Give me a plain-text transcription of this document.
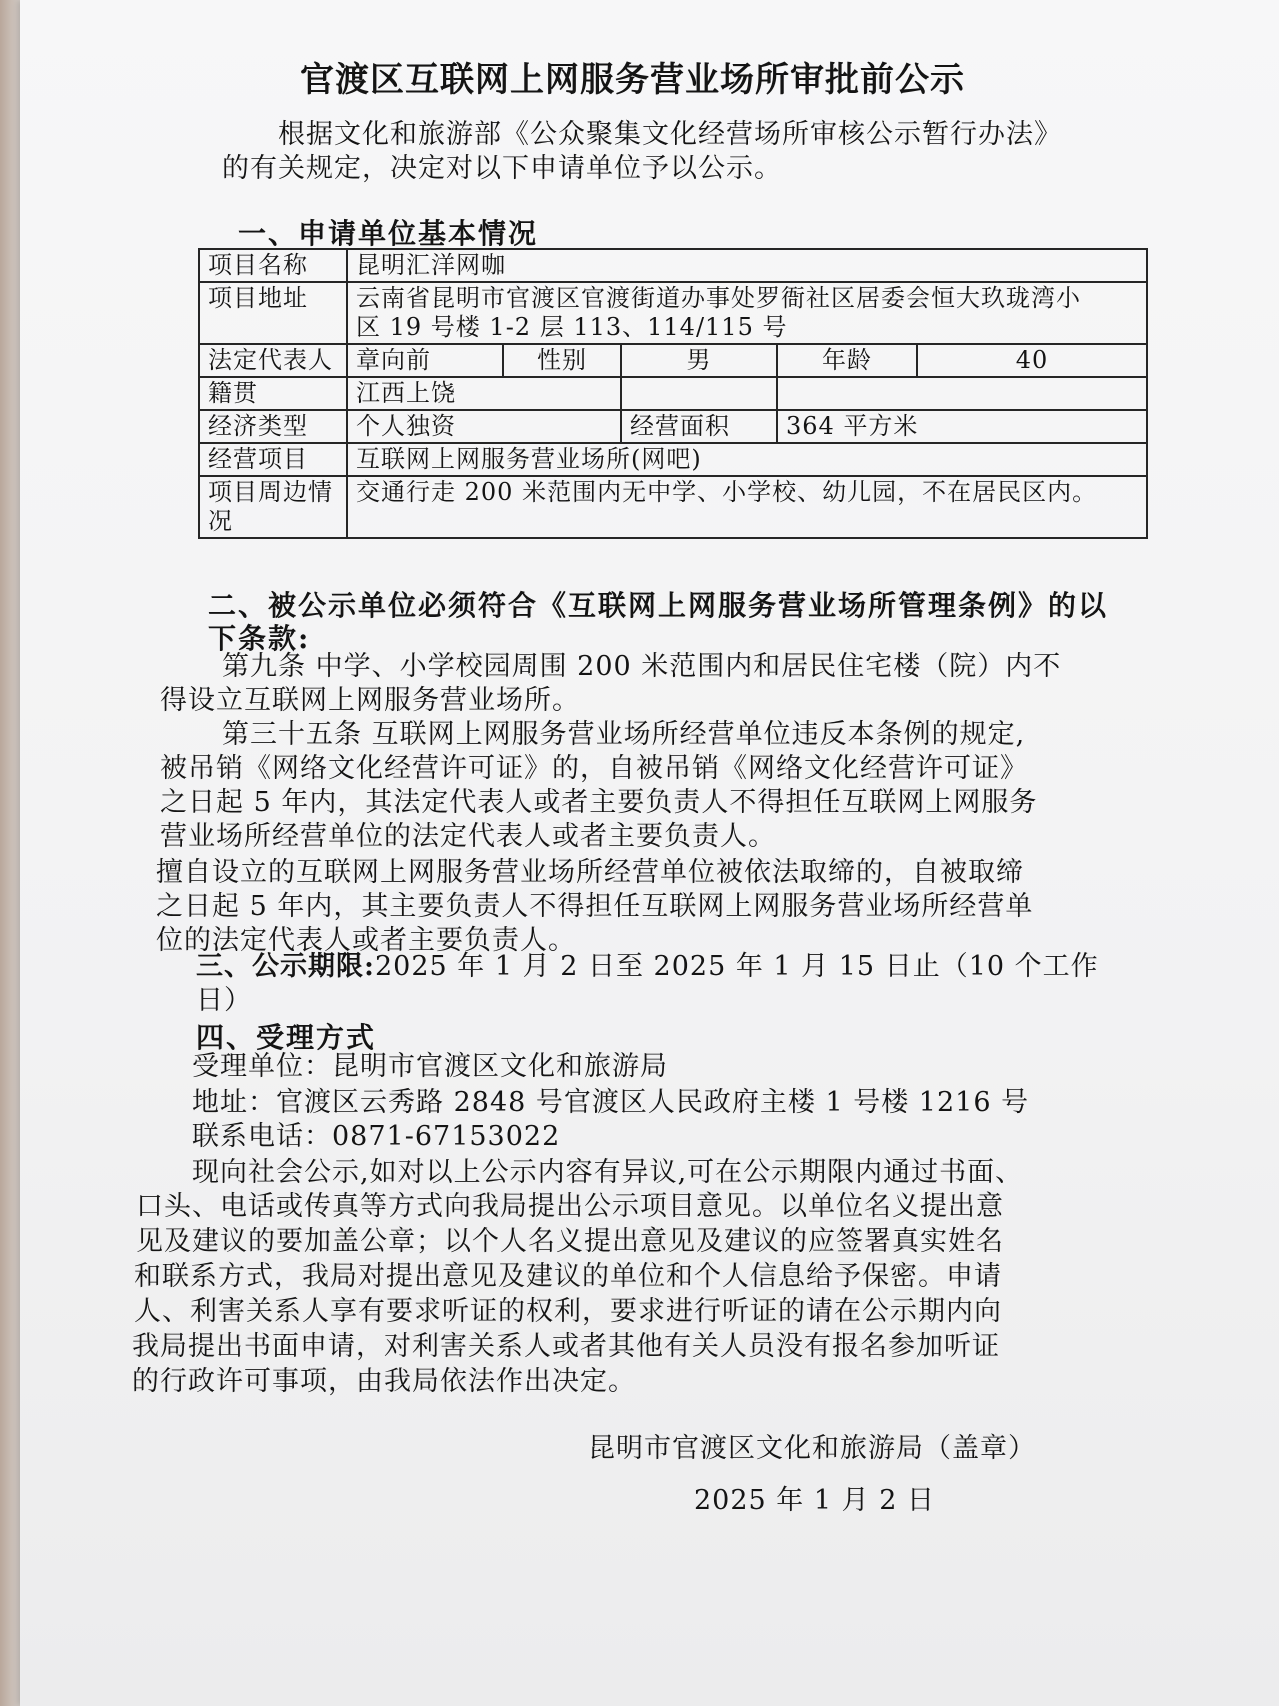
官渡区互联网上网服务营业场所审批前公示
根据文化和旅游部《公众聚集文化经营场所审核公示暂行办法》
的有关规定，决定对以下申请单位予以公示。
一、申请单位基本情况
项目名称	昆明汇洋网咖				
项目地址	云南省昆明市官渡区官渡街道办事处罗衙社区居委会恒大玖珑湾小
区 19 号楼 1-2 层 113、114/115 号				

法定代表人	章向前	性别	男	年龄	40
籍贯	江西上饶				
经济类型	个人独资		经营面积	364 平方米	
经营项目	互联网上网服务营业场所(网吧)				

项目周边情
况	交通行走 200 米范围内无中学、小学校、幼儿园，不在居民区内。				
二、被公示单位必须符合《互联网上网服务营业场所管理条例》的以
下条款:
第九条 中学、小学校园周围 200 米范围内和居民住宅楼（院）内不
得设立互联网上网服务营业场所。
第三十五条 互联网上网服务营业场所经营单位违反本条例的规定,
被吊销《网络文化经营许可证》的，自被吊销《网络文化经营许可证》
之日起 5 年内，其法定代表人或者主要负责人不得担任互联网上网服务
营业场所经营单位的法定代表人或者主要负责人。
擅自设立的互联网上网服务营业场所经营单位被依法取缔的，自被取缔
之日起 5 年内，其主要负责人不得担任互联网上网服务营业场所经营单
位的法定代表人或者主要负责人。
三、公示期限:2025 年 1 月 2 日至 2025 年 1 月 15 日止（10 个工作
日）
四、受理方式
受理单位：昆明市官渡区文化和旅游局
地址：官渡区云秀路 2848 号官渡区人民政府主楼 1 号楼 1216 号
联系电话：0871-67153022
现向社会公示,如对以上公示内容有异议,可在公示期限内通过书面、
口头、电话或传真等方式向我局提出公示项目意见。以单位名义提出意
见及建议的要加盖公章；以个人名义提出意见及建议的应签署真实姓名
和联系方式，我局对提出意见及建议的单位和个人信息给予保密。申请
人、利害关系人享有要求听证的权利，要求进行听证的请在公示期内向
我局提出书面申请，对利害关系人或者其他有关人员没有报名参加听证
的行政许可事项，由我局依法作出决定。
昆明市官渡区文化和旅游局（盖章）
2025 年 1 月 2 日
